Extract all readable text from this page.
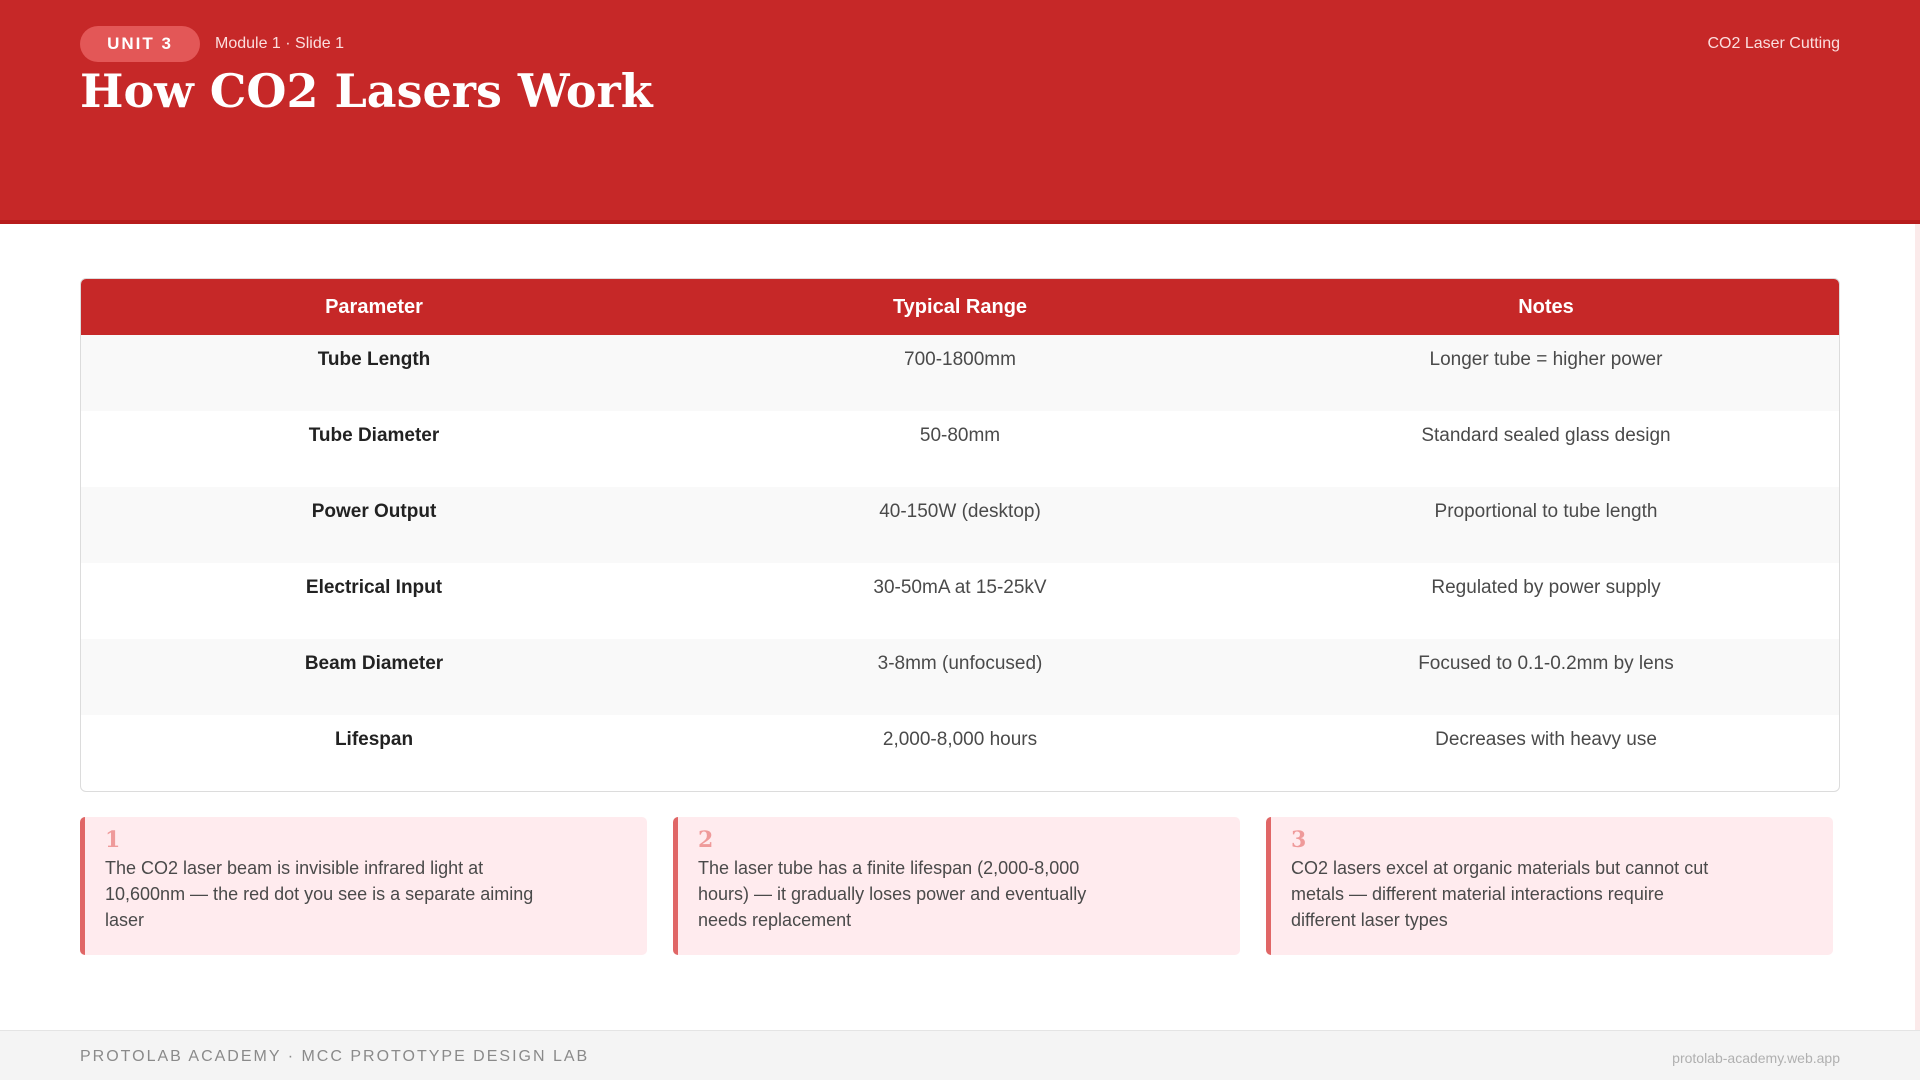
UNIT 3	Module 1 · Slide 1	CO2 Laser Cutting
How CO2 Lasers Work
Parameter	Typical Range	Notes
Tube Length	700-1800mm	Longer tube = higher power
Tube Diameter	50-80mm	Standard sealed glass design
Power Output	40-150W (desktop)	Proportional to tube length
Electrical Input	30-50mA at 15-25kV	Regulated by power supply
Beam Diameter	3-8mm (unfocused)	Focused to 0.1-0.2mm by lens
Lifespan	2,000-8,000 hours	Decreases with heavy use
1
The CO2 laser beam is invisible infrared light at 10,600nm — the red dot you see is a separate aiming laser
2
The laser tube has a finite lifespan (2,000-8,000 hours) — it gradually loses power and eventually needs replacement
3
CO2 lasers excel at organic materials but cannot cut metals — different material interactions require different laser types
PROTOLAB ACADEMY · MCC PROTOTYPE DESIGN LAB	protolab-academy.web.app
